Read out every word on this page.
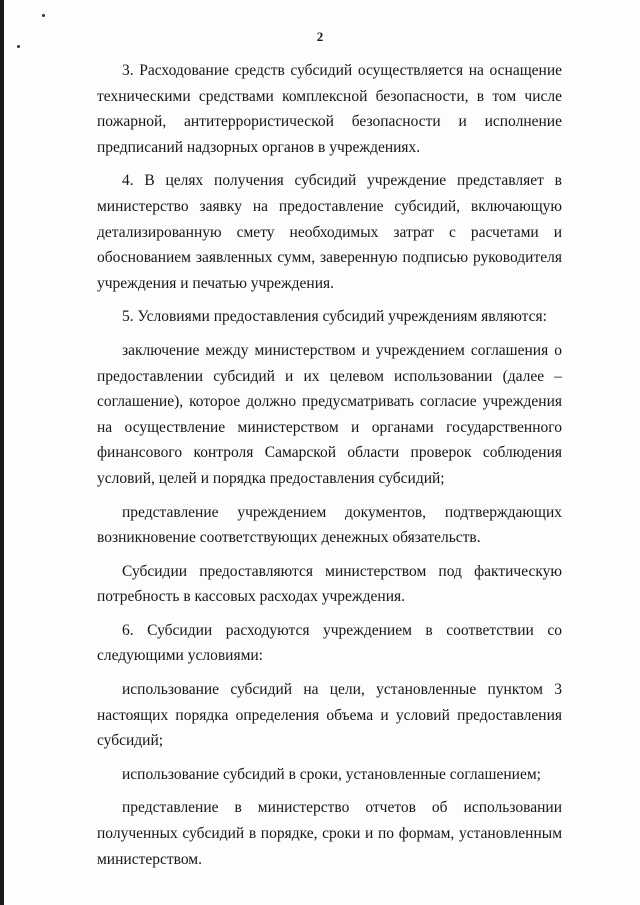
2

3. Расходование средств субсидий осуществляется на оснащение техническими средствами комплексной безопасности, в том числе пожарной, антитеррористической безопасности и исполнение предписаний надзорных органов в учреждениях.

4. В целях получения субсидий учреждение представляет в министерство заявку на предоставление субсидий, включающую детализированную смету необходимых затрат с расчетами и обоснованием заявленных сумм, заверенную подписью руководителя учреждения и печатью учреждения.

5. Условиями предоставления субсидий учреждениям являются:

заключение между министерством и учреждением соглашения о предоставлении субсидий и их целевом использовании (далее – соглашение), которое должно предусматривать согласие учреждения на осуществление министерством и органами государственного финансового контроля Самарской области проверок соблюдения условий, целей и порядка предоставления субсидий;

представление учреждением документов, подтверждающих возникновение соответствующих денежных обязательств.

Субсидии предоставляются министерством под фактическую потребность в кассовых расходах учреждения.

6. Субсидии расходуются учреждением в соответствии со следующими условиями:

использование субсидий на цели, установленные пунктом 3 настоящих порядка определения объема и условий предоставления субсидий;

использование субсидий в сроки, установленные соглашением;

представление в министерство отчетов об использовании полученных субсидий в порядке, сроки и по формам, установленным министерством.
